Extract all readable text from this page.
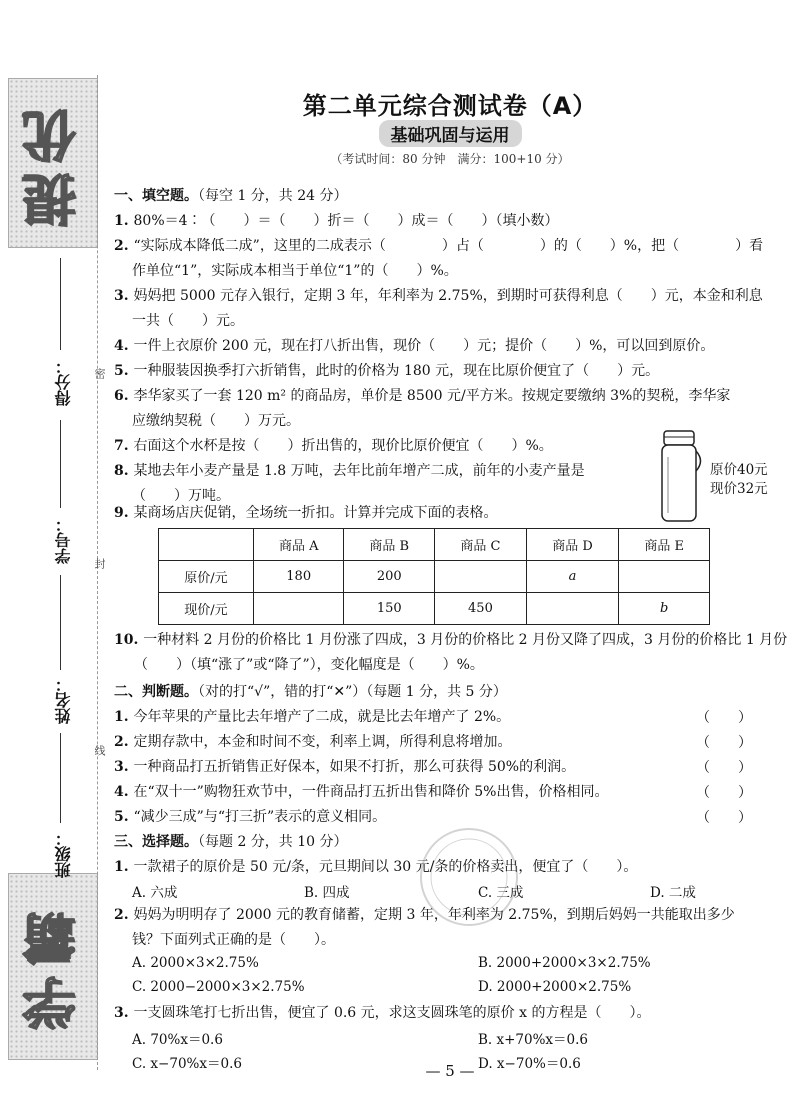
提优
学霸
得分：
学号：
姓名：
班级：
密
封
线
第二单元综合测试卷（A）
基础巩固与运用
（考试时间：80 分钟　满分：100+10 分）
一、填空题。（每空 1 分，共 24 分）
1. 80%＝4∶（　　）＝（　　）折＝（　　）成＝（　　）（填小数）
2. “实际成本降低二成”，这里的二成表示（　　　　）占（　　　　）的（　　）%，把（　　　　）看
作单位“1”，实际成本相当于单位“1”的（　　）%。
3. 妈妈把 5000 元存入银行，定期 3 年，年利率为 2.75%，到期时可获得利息（　　）元，本金和利息
一共（　　）元。
4. 一件上衣原价 200 元，现在打八折出售，现价（　　）元；提价（　　）%，可以回到原价。
5. 一种服装因换季打六折销售，此时的价格为 180 元，现在比原价便宜了（　　）元。
6. 李华家买了一套 120 m² 的商品房，单价是 8500 元/平方米。按规定要缴纳 3%的契税，李华家
应缴纳契税（　　）万元。
7. 右面这个水杯是按（　　）折出售的，现价比原价便宜（　　）%。
8. 某地去年小麦产量是 1.8 万吨，去年比前年增产二成，前年的小麦产量是
（　　）万吨。
原价40元
现价32元
9. 某商场店庆促销，全场统一折扣。计算并完成下面的表格。
	商品 A	商品 B	商品 C	商品 D	商品 E
原价/元	180	200		a	
现价/元		150	450		b
10. 一种材料 2 月份的价格比 1 月份涨了四成，3 月份的价格比 2 月份又降了四成，3 月份的价格比 1 月份
（　　）（填“涨了”或“降了”），变化幅度是（　　）%。
二、判断题。（对的打“√”，错的打“✕”）（每题 1 分，共 5 分）
1. 今年苹果的产量比去年增产了二成，就是比去年增产了 2%。	（　　）
2. 定期存款中，本金和时间不变，利率上调，所得利息将增加。	（　　）
3. 一种商品打五折销售正好保本，如果不打折，那么可获得 50%的利润。	（　　）
4. 在“双十一”购物狂欢节中，一件商品打五折出售和降价 5%出售，价格相同。	（　　）
5. “减少三成”与“打三折”表示的意义相同。	（　　）
三、选择题。（每题 2 分，共 10 分）
1. 一款裙子的原价是 50 元/条，元旦期间以 30 元/条的价格卖出，便宜了（　　）。
A. 六成	B. 四成	C. 三成	D. 二成
2. 妈妈为明明存了 2000 元的教育储蓄，定期 3 年，年利率为 2.75%，到期后妈妈一共能取出多少
钱？下面列式正确的是（　　）。
A. 2000×3×2.75%	B. 2000+2000×3×2.75%
C. 2000−2000×3×2.75%	D. 2000+2000×2.75%
3. 一支圆珠笔打七折出售，便宜了 0.6 元，求这支圆珠笔的原价 x 的方程是（　　）。
A. 70%x＝0.6	B. x+70%x＝0.6
C. x−70%x＝0.6	D. x−70%＝0.6
— 5 —
